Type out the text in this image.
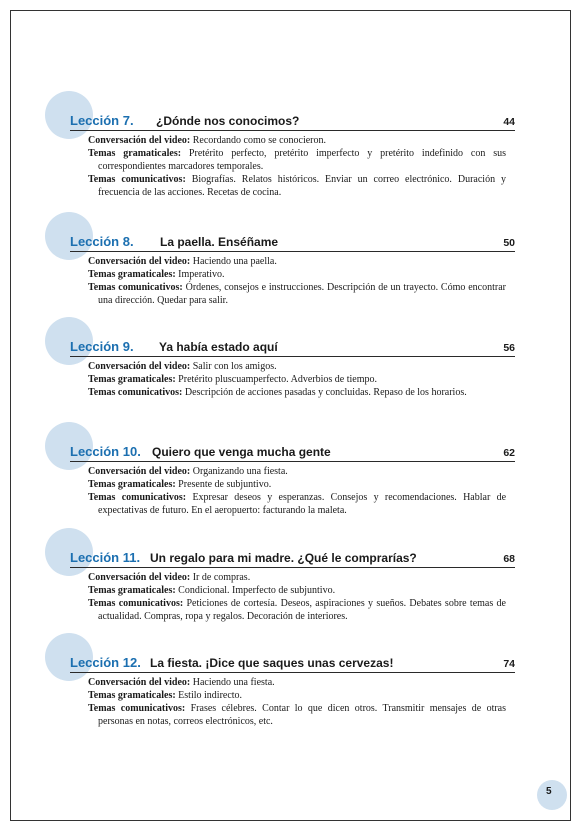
Lección 7. ¿Dónde nos conocimos?	44
Conversación del video: Recordando como se conocieron.
Temas gramaticales: Pretérito perfecto, pretérito imperfecto y pretérito indefinido con sus correspondientes marcadores temporales.
Temas comunicativos: Biografías. Relatos históricos. Enviar un correo electrónico. Duración y frecuencia de las acciones. Recetas de cocina.
Lección 8. La paella. Enséñame	50
Conversación del video: Haciendo una paella.
Temas gramaticales: Imperativo.
Temas comunicativos: Órdenes, consejos e instrucciones. Descripción de un trayecto. Cómo encontrar una dirección. Quedar para salir.
Lección 9. Ya había estado aquí	56
Conversación del video: Salir con los amigos.
Temas gramaticales: Pretérito pluscuamperfecto. Adverbios de tiempo.
Temas comunicativos: Descripción de acciones pasadas y concluidas. Repaso de los horarios.
Lección 10. Quiero que venga mucha gente	62
Conversación del video: Organizando una fiesta.
Temas gramaticales: Presente de subjuntivo.
Temas comunicativos: Expresar deseos y esperanzas. Consejos y recomendaciones. Hablar de expectativas de futuro. En el aeropuerto: facturando la maleta.
Lección 11. Un regalo para mi madre. ¿Qué le comprarías?	68
Conversación del video: Ir de compras.
Temas gramaticales: Condicional. Imperfecto de subjuntivo.
Temas comunicativos: Peticiones de cortesía. Deseos, aspiraciones y sueños. Debates sobre temas de actualidad. Compras, ropa y regalos. Decoración de interiores.
Lección 12. La fiesta. ¡Dice que saques unas cervezas!	74
Conversación del video: Haciendo una fiesta.
Temas gramaticales: Estilo indirecto.
Temas comunicativos: Frases célebres. Contar lo que dicen otros. Transmitir mensajes de otras personas en notas, correos electrónicos, etc.
5
